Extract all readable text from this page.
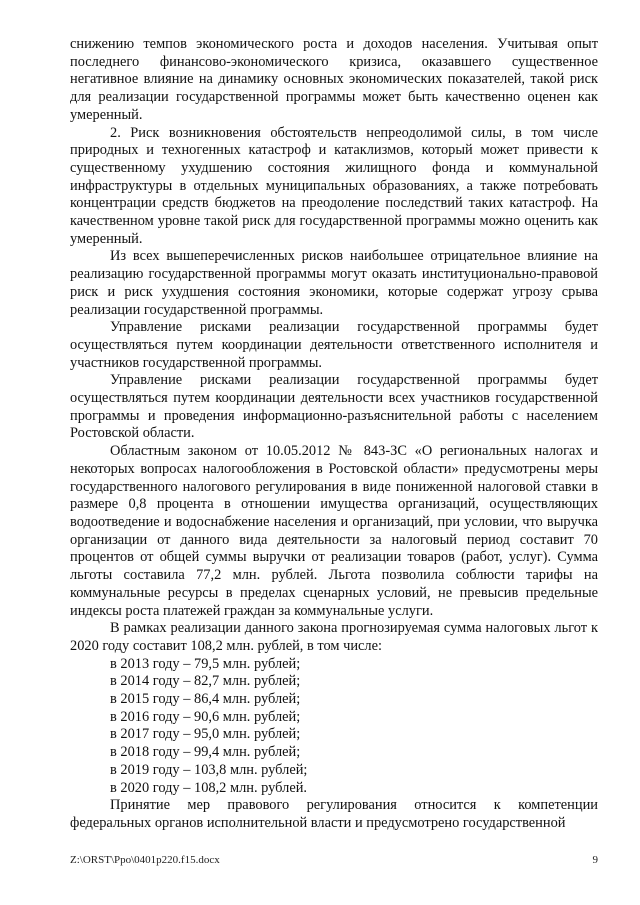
снижению темпов экономического роста и доходов населения. Учитывая опыт последнего финансово-экономического кризиса, оказавшего существенное негативное влияние на динамику основных экономических показателей, такой риск для реализации государственной программы может быть качественно оценен как умеренный.

2. Риск возникновения обстоятельств непреодолимой силы, в том числе природных и техногенных катастроф и катаклизмов, который может привести к существенному ухудшению состояния жилищного фонда и коммунальной инфраструктуры в отдельных муниципальных образованиях, а также потребовать концентрации средств бюджетов на преодоление последствий таких катастроф. На качественном уровне такой риск для государственной программы можно оценить как умеренный.

Из всех вышеперечисленных рисков наибольшее отрицательное влияние на реализацию государственной программы могут оказать институционально-правовой риск и риск ухудшения состояния экономики, которые содержат угрозу срыва реализации государственной программы.

Управление рисками реализации государственной программы будет осуществляться путем координации деятельности ответственного исполнителя и участников государственной программы.

Управление рисками реализации государственной программы будет осуществляться путем координации деятельности всех участников государственной программы и проведения информационно-разъяснительной работы с населением Ростовской области.

Областным законом от 10.05.2012 № 843-ЗС «О региональных налогах и некоторых вопросах налогообложения в Ростовской области» предусмотрены меры государственного налогового регулирования в виде пониженной налоговой ставки в размере 0,8 процента в отношении имущества организаций, осуществляющих водоотведение и водоснабжение населения и организаций, при условии, что выручка организации от данного вида деятельности за налоговый период составит 70 процентов от общей суммы выручки от реализации товаров (работ, услуг). Сумма льготы составила 77,2 млн. рублей. Льгота позволила соблюсти тарифы на коммунальные ресурсы в пределах сценарных условий, не превысив предельные индексы роста платежей граждан за коммунальные услуги.

В рамках реализации данного закона прогнозируемая сумма налоговых льгот к 2020 году составит 108,2 млн. рублей, в том числе:

в 2013 году – 79,5 млн. рублей;
в 2014 году – 82,7 млн. рублей;
в 2015 году – 86,4 млн. рублей;
в 2016 году – 90,6 млн. рублей;
в 2017 году – 95,0 млн. рублей;
в 2018 году – 99,4 млн. рублей;
в 2019 году – 103,8 млн. рублей;
в 2020 году – 108,2 млн. рублей.

Принятие мер правового регулирования относится к компетенции федеральных органов исполнительной власти и предусмотрено государственной

Z:\ORST\Ppo\0401p220.f15.docx	9
